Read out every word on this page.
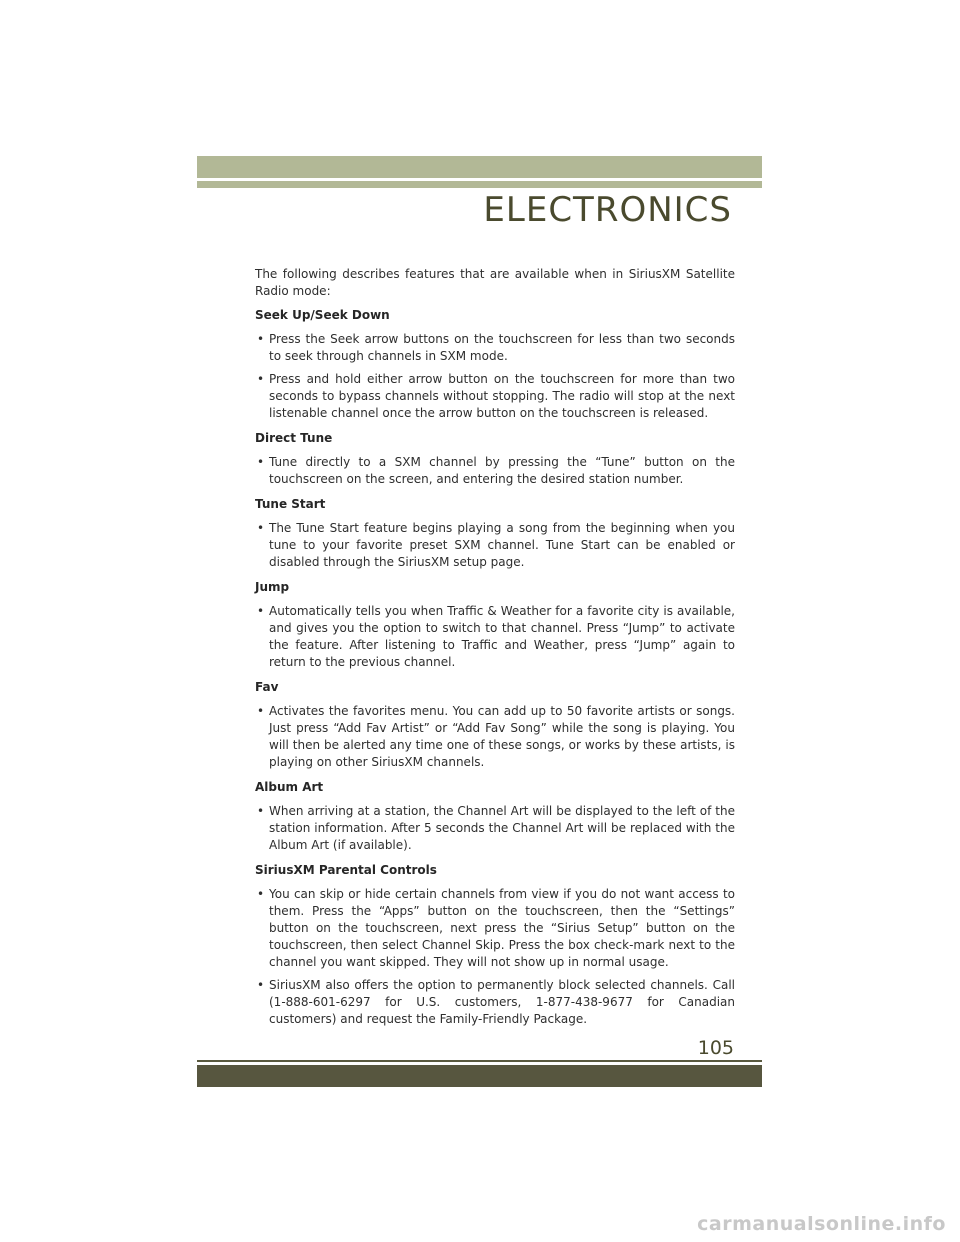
ELECTRONICS

The following describes features that are available when in SiriusXM Satellite Radio mode:

Seek Up/Seek Down
• Press the Seek arrow buttons on the touchscreen for less than two seconds to seek through channels in SXM mode.
• Press and hold either arrow button on the touchscreen for more than two seconds to bypass channels without stopping. The radio will stop at the next listenable channel once the arrow button on the touchscreen is released.
Direct Tune
• Tune directly to a SXM channel by pressing the “Tune” button on the touchscreen on the screen, and entering the desired station number.
Tune Start
• The Tune Start feature begins playing a song from the beginning when you tune to your favorite preset SXM channel. Tune Start can be enabled or disabled through the SiriusXM setup page.
Jump
• Automatically tells you when Traffic & Weather for a favorite city is available, and gives you the option to switch to that channel. Press “Jump” to activate the feature. After listening to Traffic and Weather, press “Jump” again to return to the previous channel.
Fav
• Activates the favorites menu. You can add up to 50 favorite artists or songs. Just press “Add Fav Artist” or “Add Fav Song” while the song is playing. You will then be alerted any time one of these songs, or works by these artists, is playing on other SiriusXM channels.
Album Art
• When arriving at a station, the Channel Art will be displayed to the left of the station information. After 5 seconds the Channel Art will be replaced with the Album Art (if available).
SiriusXM Parental Controls
• You can skip or hide certain channels from view if you do not want access to them. Press the “Apps” button on the touchscreen, then the “Settings” button on the touchscreen, next press the “Sirius Setup” button on the touchscreen, then select Channel Skip. Press the box check-mark next to the channel you want skipped. They will not show up in normal usage.
• SiriusXM also offers the option to permanently block selected channels. Call (1-888-601-6297 for U.S. customers, 1-877-438-9677 for Canadian customers) and request the Family-Friendly Package.
105
carmanualsonline.info
